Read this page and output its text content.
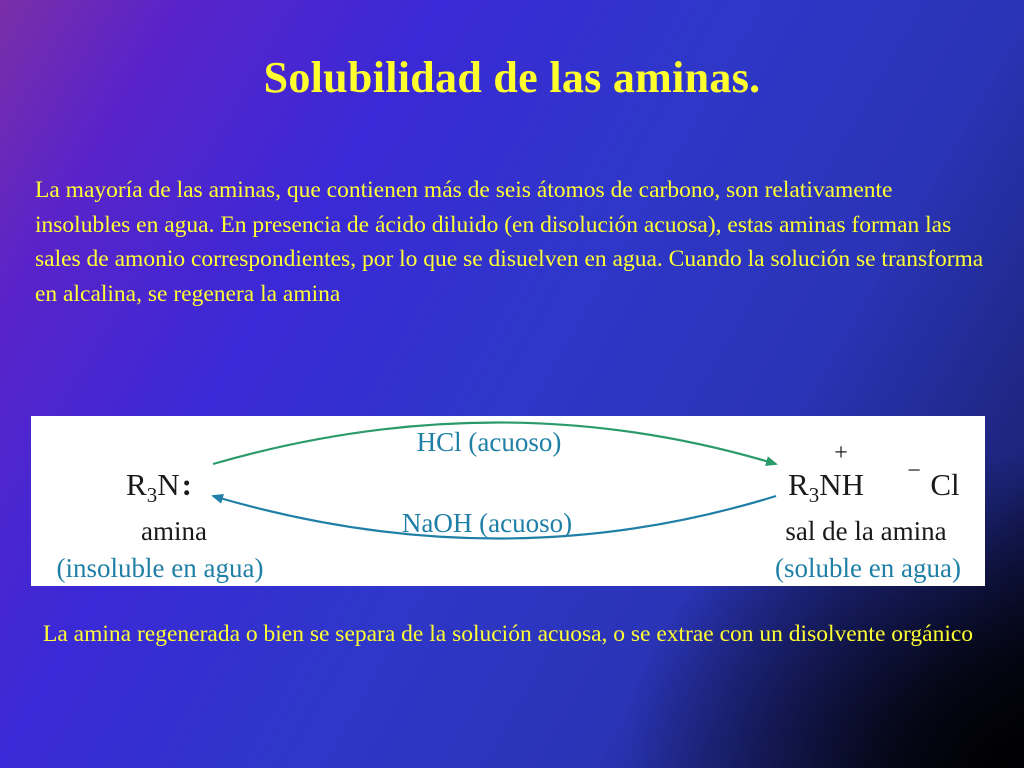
Solubilidad de las aminas.
La mayoría de las aminas, que contienen más de seis átomos de carbono, son relativamente insolubles en agua. En presencia de ácido diluido (en disolución acuosa), estas aminas forman las sales de amonio correspondientes, por lo que se disuelven en agua. Cuando la solución se transforma en alcalina, se regenera la amina
HCl (acuoso)
NaOH (acuoso)
$R_3N$:
amina
(insoluble en agua)
+
$R_3NH - Cl$
sal de la amina
(soluble en agua)
La amina regenerada o bien se separa de la solución acuosa, o se extrae con un disolvente orgánico
